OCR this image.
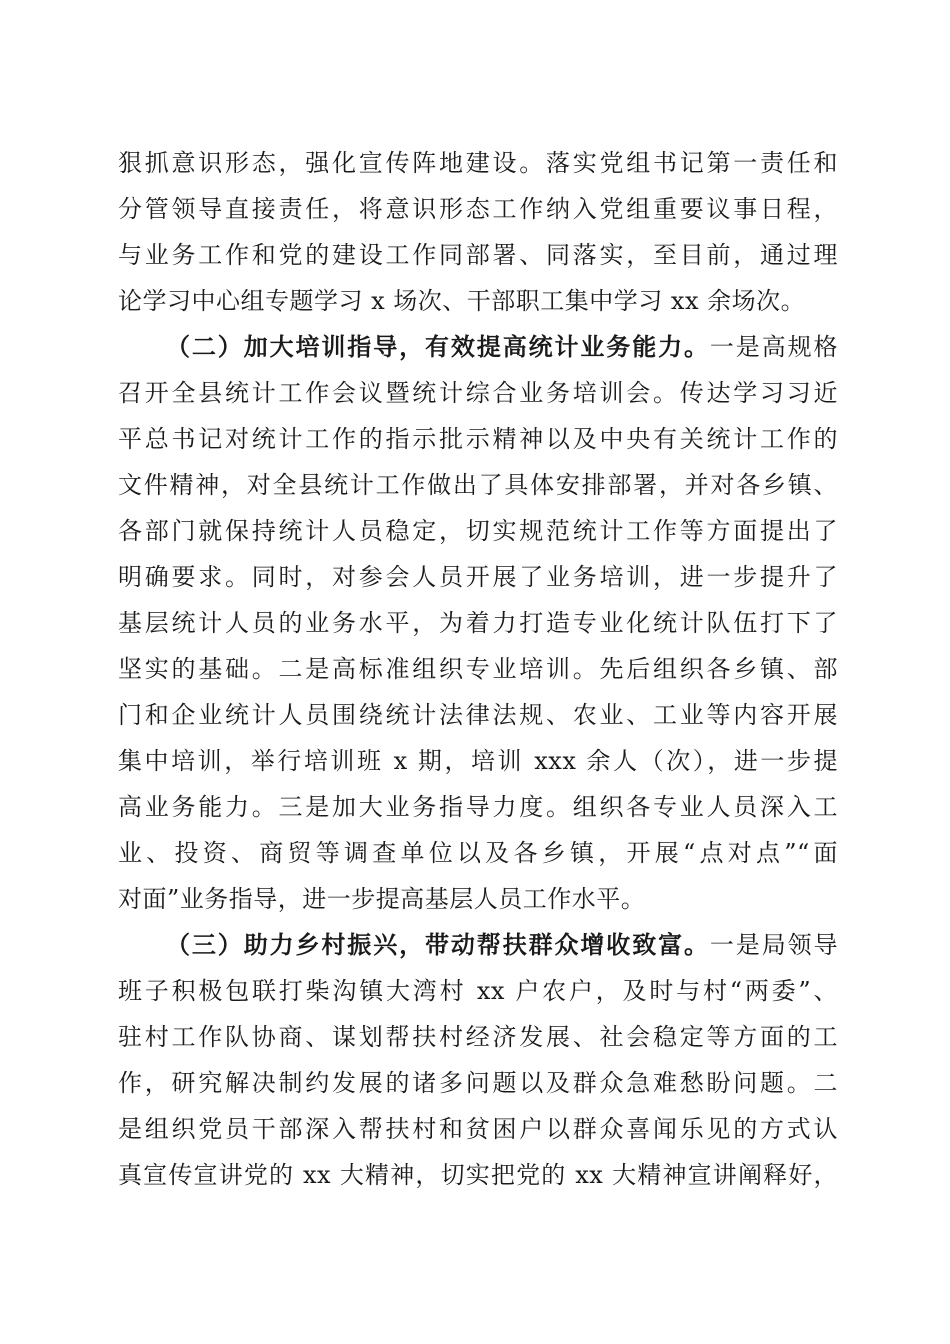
狠抓意识形态，强化宣传阵地建设。落实党组书记第一责任和
分管领导直接责任，将意识形态工作纳入党组重要议事日程，
与业务工作和党的建设工作同部署、同落实，至目前，通过理
论学习中心组专题学习 x 场次、干部职工集中学习 xx 余场次。
（二）加大培训指导，有效提高统计业务能力。一是高规格
召开全县统计工作会议暨统计综合业务培训会。传达学习习近
平总书记对统计工作的指示批示精神以及中央有关统计工作的
文件精神，对全县统计工作做出了具体安排部署，并对各乡镇、
各部门就保持统计人员稳定，切实规范统计工作等方面提出了
明确要求。同时，对参会人员开展了业务培训，进一步提升了
基层统计人员的业务水平，为着力打造专业化统计队伍打下了
坚实的基础。二是高标准组织专业培训。先后组织各乡镇、部
门和企业统计人员围绕统计法律法规、农业、工业等内容开展
集中培训，举行培训班 x 期，培训 xxx 余人（次），进一步提
高业务能力。三是加大业务指导力度。组织各专业人员深入工
业、投资、商贸等调查单位以及各乡镇，开展“点对点”“面
对面”业务指导，进一步提高基层人员工作水平。
（三）助力乡村振兴，带动帮扶群众增收致富。一是局领导
班子积极包联打柴沟镇大湾村 xx 户农户，及时与村“两委”、
驻村工作队协商、谋划帮扶村经济发展、社会稳定等方面的工
作，研究解决制约发展的诸多问题以及群众急难愁盼问题。二
是组织党员干部深入帮扶村和贫困户以群众喜闻乐见的方式认
真宣传宣讲党的 xx 大精神，切实把党的 xx 大精神宣讲阐释好，
